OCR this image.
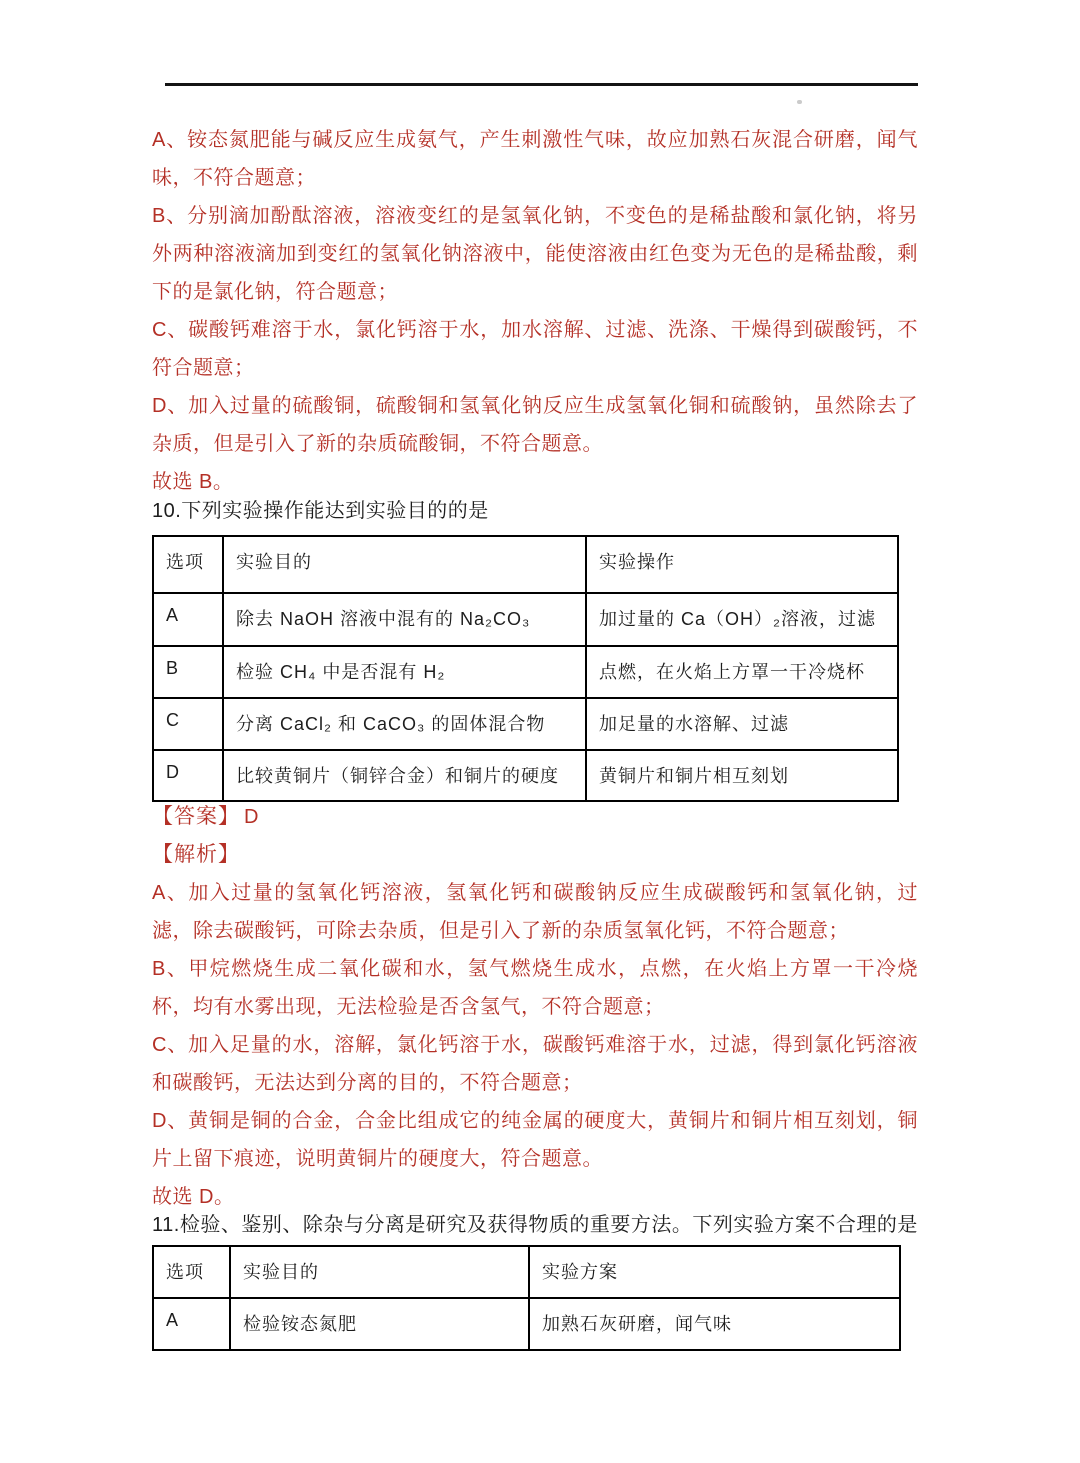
A、铵态氮肥能与碱反应生成氨气，产生刺激性气味，故应加熟石灰混合研磨，闻气味，不符合题意；

B、分别滴加酚酞溶液，溶液变红的是氢氧化钠，不变色的是稀盐酸和氯化钠，将另外两种溶液滴加到变红的氢氧化钠溶液中，能使溶液由红色变为无色的是稀盐酸，剩下的是氯化钠，符合题意；

C、碳酸钙难溶于水，氯化钙溶于水，加水溶解、过滤、洗涤、干燥得到碳酸钙，不符合题意；

D、加入过量的硫酸铜，硫酸铜和氢氧化钠反应生成氢氧化铜和硫酸钠，虽然除去了杂质，但是引入了新的杂质硫酸铜，不符合题意。

故选 B。

10.下列实验操作能达到实验目的的是
选项	实验目的	实验操作
A	除去 NaOH 溶液中混有的 Na₂CO₃	加过量的 Ca（OH）₂溶液，过滤
B	检验 CH₄ 中是否混有 H₂	点燃，在火焰上方罩一干冷烧杯
C	分离 CaCl₂ 和 CaCO₃ 的固体混合物	加足量的水溶解、过滤
D	比较黄铜片（铜锌合金）和铜片的硬度	黄铜片和铜片相互刻划
【答案】 D
【解析】

A、加入过量的氢氧化钙溶液，氢氧化钙和碳酸钠反应生成碳酸钙和氢氧化钠，过滤，除去碳酸钙，可除去杂质，但是引入了新的杂质氢氧化钙，不符合题意；

B、甲烷燃烧生成二氧化碳和水，氢气燃烧生成水，点燃，在火焰上方罩一干冷烧杯，均有水雾出现，无法检验是否含氢气，不符合题意；

C、加入足量的水，溶解，氯化钙溶于水，碳酸钙难溶于水，过滤，得到氯化钙溶液和碳酸钙，无法达到分离的目的，不符合题意；

D、黄铜是铜的合金，合金比组成它的纯金属的硬度大，黄铜片和铜片相互刻划，铜片上留下痕迹，说明黄铜片的硬度大，符合题意。

故选 D。

11.检验、鉴别、除杂与分离是研究及获得物质的重要方法。下列实验方案不合理的是
选项	实验目的	实验方案
A	检验铵态氮肥	加熟石灰研磨，闻气味
